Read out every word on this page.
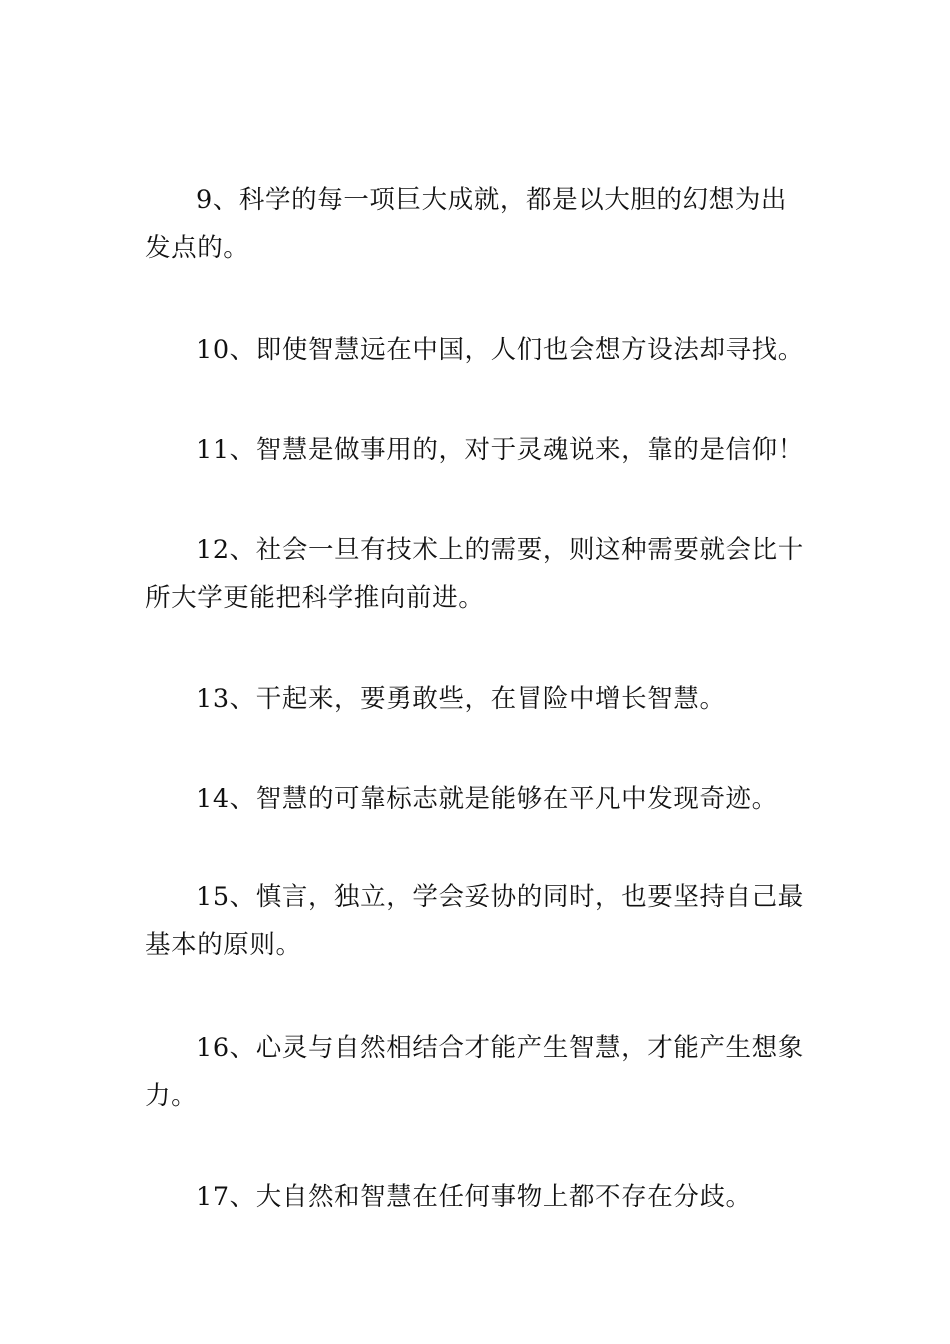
9、科学的每一项巨大成就，都是以大胆的幻想为出发点的。

10、即使智慧远在中国，人们也会想方设法却寻找。

11、智慧是做事用的，对于灵魂说来，靠的是信仰！

12、社会一旦有技术上的需要，则这种需要就会比十所大学更能把科学推向前进。

13、干起来，要勇敢些，在冒险中增长智慧。

14、智慧的可靠标志就是能够在平凡中发现奇迹。

15、慎言，独立，学会妥协的同时，也要坚持自己最基本的原则。

16、心灵与自然相结合才能产生智慧，才能产生想象力。

17、大自然和智慧在任何事物上都不存在分歧。
